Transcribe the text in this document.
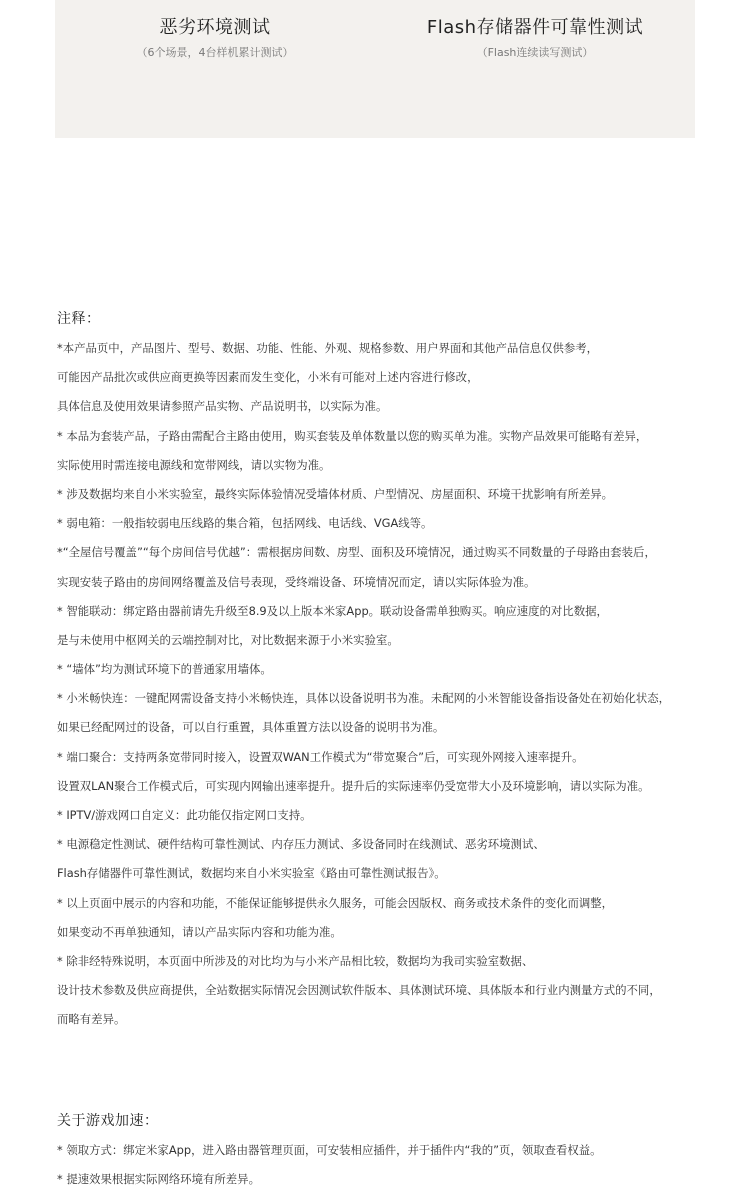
恶劣环境测试
（6个场景，4台样机累计测试）
Flash存储器件可靠性测试
（Flash连续读写测试）
注释：
*本产品页中，产品图片、型号、数据、功能、性能、外观、规格参数、用户界面和其他产品信息仅供参考，
可能因产品批次或供应商更换等因素而发生变化，小米有可能对上述内容进行修改，
具体信息及使用效果请参照产品实物、产品说明书，以实际为准。
* 本品为套装产品，子路由需配合主路由使用，购买套装及单体数量以您的购买单为准。实物产品效果可能略有差异，
实际使用时需连接电源线和宽带网线，请以实物为准。
* 涉及数据均来自小米实验室，最终实际体验情况受墙体材质、户型情况、房屋面积、环境干扰影响有所差异。
* 弱电箱：一般指较弱电压线路的集合箱，包括网线、电话线、VGA线等。
*“全屋信号覆盖”“每个房间信号优越”：需根据房间数、房型、面积及环境情况，通过购买不同数量的子母路由套装后，
实现安装子路由的房间网络覆盖及信号表现，受终端设备、环境情况而定，请以实际体验为准。
* 智能联动：绑定路由器前请先升级至8.9及以上版本米家App。联动设备需单独购买。响应速度的对比数据，
是与未使用中枢网关的云端控制对比，对比数据来源于小米实验室。
* “墙体”均为测试环境下的普通家用墙体。
* 小米畅快连：一键配网需设备支持小米畅快连，具体以设备说明书为准。未配网的小米智能设备指设备处在初始化状态，
如果已经配网过的设备，可以自行重置，具体重置方法以设备的说明书为准。
* 端口聚合：支持两条宽带同时接入，设置双WAN工作模式为“带宽聚合”后，可实现外网接入速率提升。
设置双LAN聚合工作模式后，可实现内网输出速率提升。提升后的实际速率仍受宽带大小及环境影响，请以实际为准。
* IPTV/游戏网口自定义：此功能仅指定网口支持。
* 电源稳定性测试、硬件结构可靠性测试、内存压力测试、多设备同时在线测试、恶劣环境测试、
Flash存储器件可靠性测试，数据均来自小米实验室《路由可靠性测试报告》。
* 以上页面中展示的内容和功能，不能保证能够提供永久服务，可能会因版权、商务或技术条件的变化而调整，
如果变动不再单独通知，请以产品实际内容和功能为准。
* 除非经特殊说明，本页面中所涉及的对比均为与小米产品相比较，数据均为我司实验室数据、
设计技术参数及供应商提供，全站数据实际情况会因测试软件版本、具体测试环境、具体版本和行业内测量方式的不同，
而略有差异。
关于游戏加速：
* 领取方式：绑定米家App，进入路由器管理页面，可安装相应插件，并于插件内“我的”页，领取查看权益。
* 提速效果根据实际网络环境有所差异。
